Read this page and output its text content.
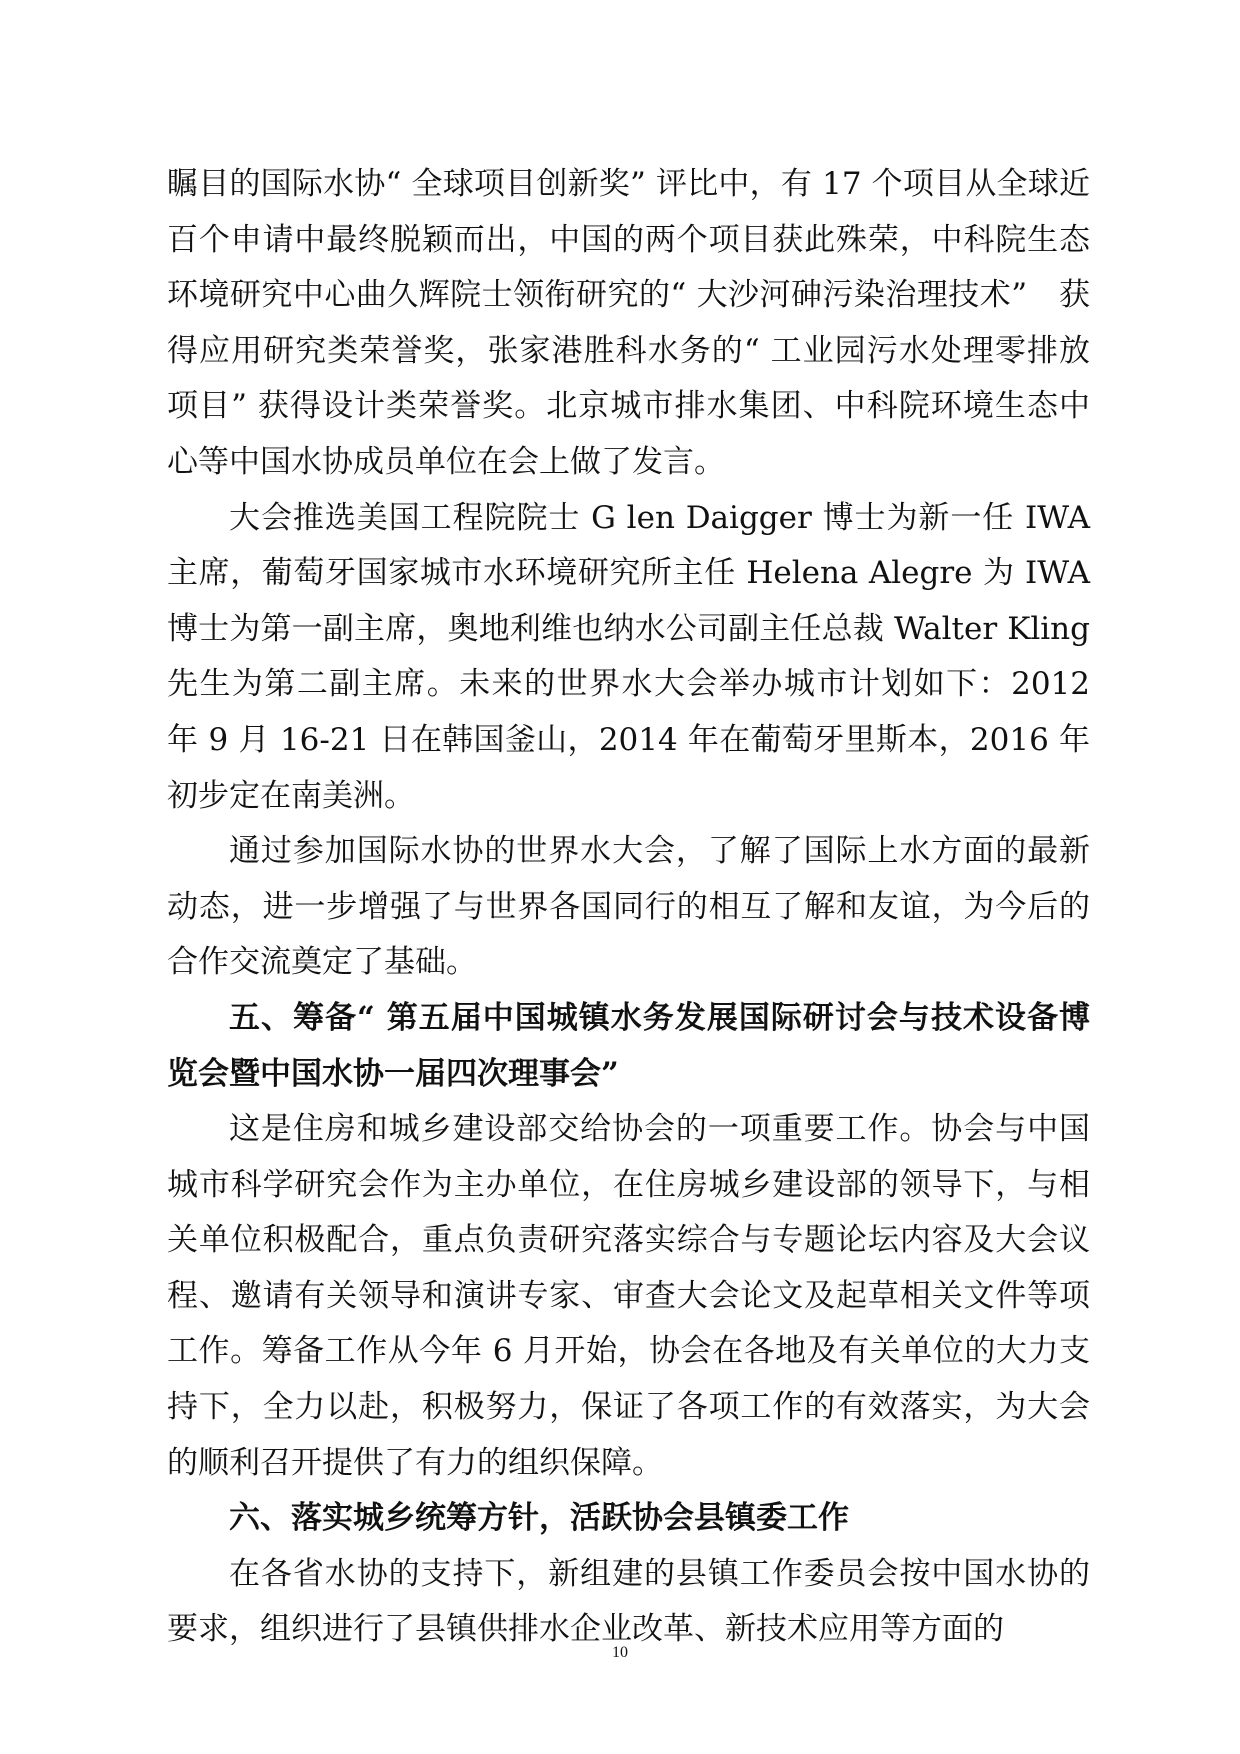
瞩目的国际水协“ 全球项目创新奖” 评比中，有 17 个项目从全球近百个申请中最终脱颖而出，中国的两个项目获此殊荣，中科院生态环境研究中心曲久辉院士领衔研究的“ 大沙河砷污染治理技术”　获得应用研究类荣誉奖，张家港胜科水务的“ 工业园污水处理零排放项目” 获得设计类荣誉奖。北京城市排水集团、中科院环境生态中心等中国水协成员单位在会上做了发言。

大会推选美国工程院院士 G len Daigger 博士为新一任 IWA 主席，葡萄牙国家城市水环境研究所主任 Helena Alegre 为 IWA 博士为第一副主席，奥地利维也纳水公司副主任总裁 Walter Kling 先生为第二副主席。未来的世界水大会举办城市计划如下：2012 年 9 月 16-21 日在韩国釜山，2014 年在葡萄牙里斯本，2016 年初步定在南美洲。

通过参加国际水协的世界水大会，了解了国际上水方面的最新动态，进一步增强了与世界各国同行的相互了解和友谊，为今后的合作交流奠定了基础。

五、筹备“ 第五届中国城镇水务发展国际研讨会与技术设备博览会暨中国水协一届四次理事会”

这是住房和城乡建设部交给协会的一项重要工作。协会与中国城市科学研究会作为主办单位，在住房城乡建设部的领导下，与相关单位积极配合，重点负责研究落实综合与专题论坛内容及大会议程、邀请有关领导和演讲专家、审查大会论文及起草相关文件等项工作。筹备工作从今年 6 月开始，协会在各地及有关单位的大力支持下，全力以赴，积极努力，保证了各项工作的有效落实，为大会的顺利召开提供了有力的组织保障。

六、落实城乡统筹方针，活跃协会县镇委工作

在各省水协的支持下，新组建的县镇工作委员会按中国水协的要求，组织进行了县镇供排水企业改革、新技术应用等方面的

10
